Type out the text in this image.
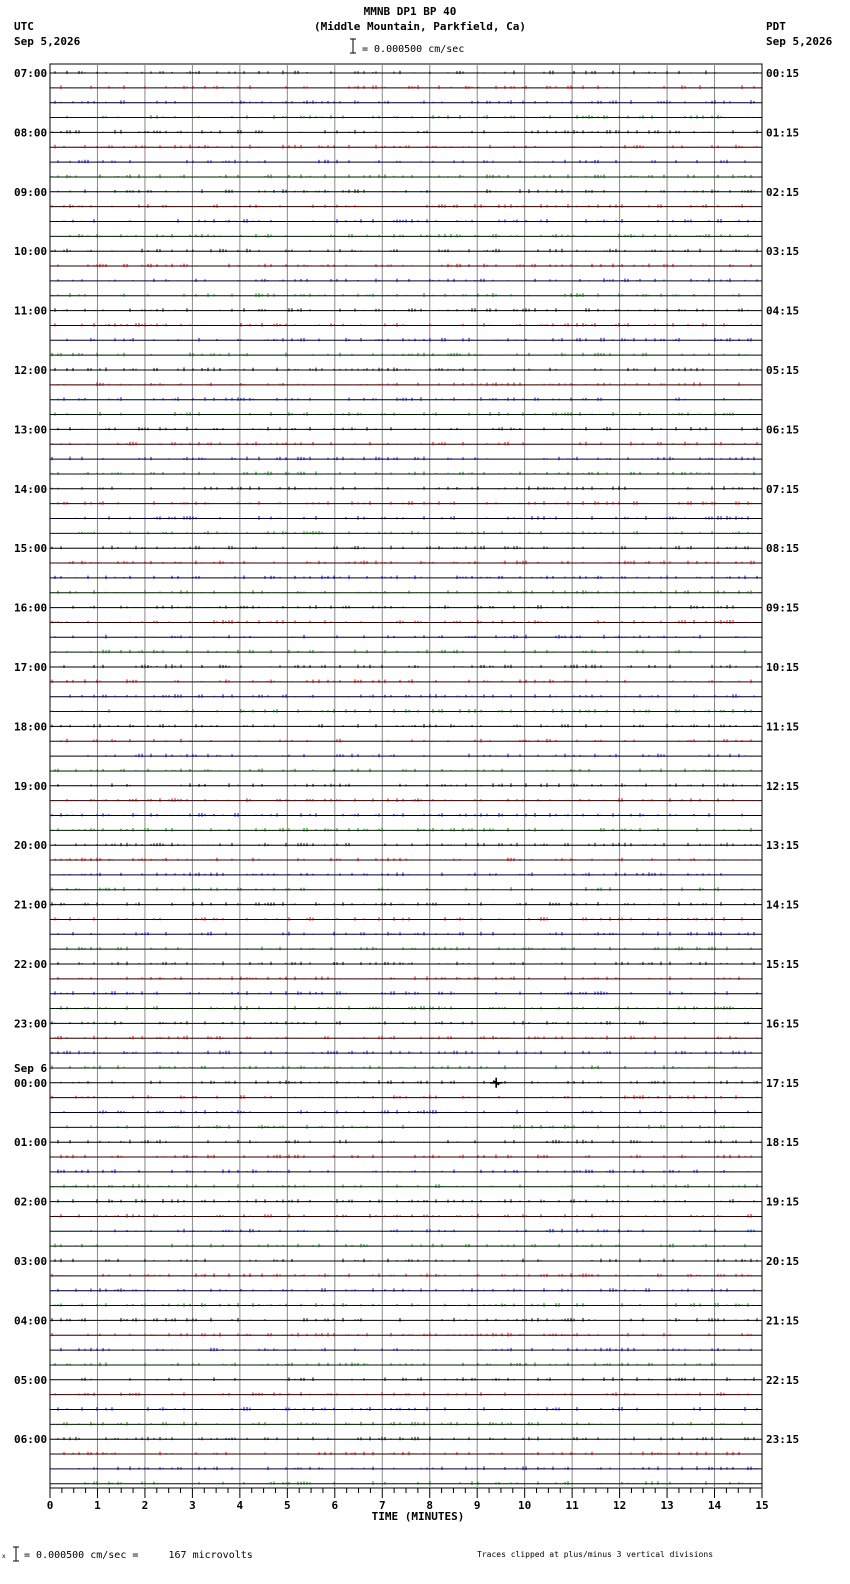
UTC
Sep 5,2026
PDT
Sep 5,2026
MMNB DP1 BP 40
(Middle Mountain, Parkfield, Ca)
= 0.000500 cm/sec
07:00
08:00
09:00
10:00
11:00
12:00
13:00
14:00
15:00
16:00
17:00
18:00
19:00
20:00
21:00
22:00
23:00
00:00
Sep 6
01:00
02:00
03:00
04:00
05:00
06:00
00:15
01:15
02:15
03:15
04:15
05:15
06:15
07:15
08:15
09:15
10:15
11:15
12:15
13:15
14:15
15:15
16:15
17:15
18:15
19:15
20:15
21:15
22:15
23:15
0	1	2	3	4	5	6	7	8	9	10	11	12	13	14	15
TIME (MINUTES)
x = 0.000500 cm/sec =     167 microvolts	Traces clipped at plus/minus 3 vertical divisions
